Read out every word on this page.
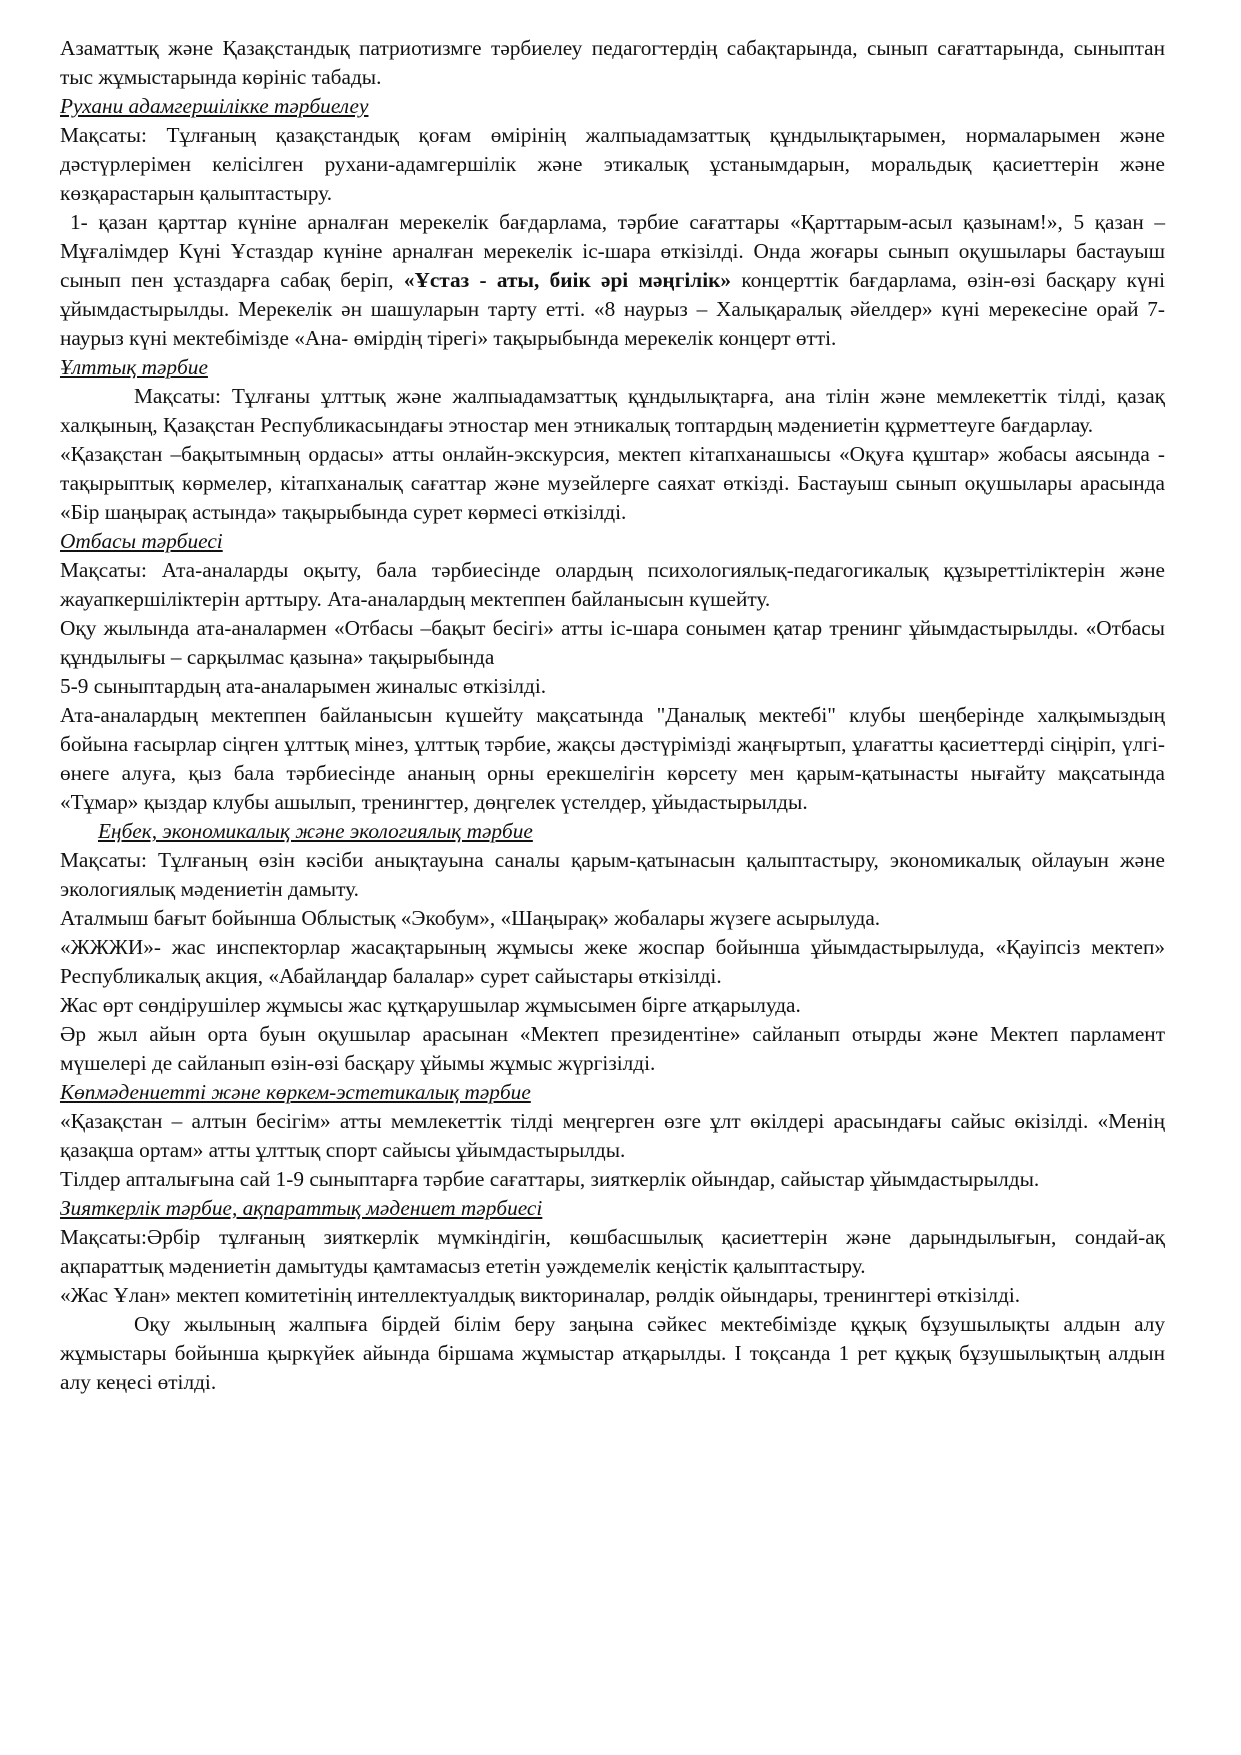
Азаматтық және Қазақстандық патриотизмге тәрбиелеу педагогтердің сабақтарында, сынып сағаттарында, сыныптан тыс жұмыстарында көрініс табады.

Рухани адамгершілікке тәрбиелеу

Мақсаты: Тұлғаның қазақстандық қоғам өмірінің жалпыадамзаттық құндылықтарымен, нормаларымен және дәстүрлерімен келісілген рухани-адамгершілік және этикалық ұстанымдарын, моральдық қасиеттерін және көзқарастарын қалыптастыру.

1- қазан қарттар күніне арналған мерекелік бағдарлама, тәрбие сағаттары «Қарттарым-асыл қазынам!», 5 қазан – Мұғалімдер Күні Ұстаздар күніне арналған мерекелік іс-шара өткізілді. Онда жоғары сынып оқушылары бастауыш сынып пен ұстаздарға сабақ беріп, «Ұстаз - аты, биік әрі мәңгілік» концерттік бағдарлама, өзін-өзі басқару күні ұйымдастырылды. Мерекелік ән шашуларын тарту етті. «8 наурыз – Халықаралық әйелдер» күні мерекесіне орай 7-наурыз күні мектебімізде «Ана- өмірдің тірегі» тақырыбында мерекелік концерт өтті.

Ұлттық тәрбие

Мақсаты: Тұлғаны ұлттық және жалпыадамзаттық құндылықтарға, ана тілін және мемлекеттік тілді, қазақ халқының, Қазақстан Республикасындағы этностар мен этникалық топтардың мәдениетін құрметтеуге бағдарлау.

«Қазақстан –бақытымның ордасы» атты онлайн-экскурсия, мектеп кітапханашысы «Оқуға құштар» жобасы аясында - тақырыптық көрмелер, кітапханалық сағаттар және музейлерге саяхат өткізді. Бастауыш сынып оқушылары арасында «Бір шаңырақ астында» тақырыбында сурет көрмесі өткізілді.

Отбасы тәрбиесі

Мақсаты: Ата-аналарды оқыту, бала тәрбиесінде олардың психологиялық-педагогикалық құзыреттіліктерін және жауапкершіліктерін арттыру. Ата-аналардың мектеппен байланысын күшейту.

Оқу жылында ата-аналармен «Отбасы –бақыт бесігі» атты іс-шара сонымен қатар тренинг ұйымдастырылды. «Отбасы құндылығы – сарқылмас қазына» тақырыбында

5-9 сыныптардың ата-аналарымен жиналыс өткізілді.

Ата-аналардың мектеппен байланысын күшейту мақсатында "Даналық мектебі" клубы шеңберінде халқымыздың бойына ғасырлар сіңген ұлттық мінез, ұлттық тәрбие, жақсы дәстүрімізді жаңғыртып, ұлағатты қасиеттерді сіңіріп, үлгі-өнеге алуға, қыз бала тәрбиесінде ананың орны ерекшелігін көрсету мен қарым-қатынасты нығайту мақсатында «Тұмар» қыздар клубы ашылып, тренингтер, дөңгелек үстелдер, ұйыдастырылды.

Еңбек, экономикалық және экологиялық тәрбие

Мақсаты: Тұлғаның өзін кәсіби анықтауына саналы қарым-қатынасын қалыптастыру, экономикалық ойлауын және экологиялық мәдениетін дамыту.

Аталмыш бағыт бойынша Облыстық «Экобум», «Шаңырақ» жобалары жүзеге асырылуда.

«ЖЖЖИ»- жас инспекторлар жасақтарының жұмысы жеке жоспар бойынша ұйымдастырылуда, «Қауіпсіз мектеп» Республикалық акция, «Абайлаңдар балалар» сурет сайыстары өткізілді.

Жас өрт сөндірушілер жұмысы жас құтқарушылар жұмысымен бірге атқарылуда.

Әр жыл айын орта буын оқушылар арасынан «Мектеп президентіне» сайланып отырды және Мектеп парламент мүшелері де сайланып өзін-өзі басқару ұйымы жұмыс жүргізілді.

Көпмәдениетті және көркем-эстетикалық тәрбие

«Қазақстан – алтын бесігім» атты мемлекеттік тілді меңгерген өзге ұлт өкілдері арасындағы сайыс өкізілді. «Менің қазақша ортам» атты ұлттық спорт сайысы ұйымдастырылды.

Тілдер апталығына сай 1-9 сыныптарға тәрбие сағаттары, зияткерлік ойындар, сайыстар ұйымдастырылды.

Зияткерлік тәрбие, ақпараттық мәдениет тәрбиесі

Мақсаты:Әрбір тұлғаның зияткерлік мүмкіндігін, көшбасшылық қасиеттерін және дарындылығын, сондай-ақ ақпараттық мәдениетін дамытуды қамтамасыз ететін уәждемелік кеңістік қалыптастыру.

«Жас Ұлан» мектеп комитетінің интеллектуалдық викториналар, рөлдік ойындары, тренингтері өткізілді.

Оқу жылының жалпыға бірдей білім беру заңына сәйкес мектебімізде құқық бұзушылықты алдын алу жұмыстары бойынша қыркүйек айында біршама жұмыстар атқарылды. І тоқсанда 1 рет құқық бұзушылықтың алдын алу кеңесі өтілді.
